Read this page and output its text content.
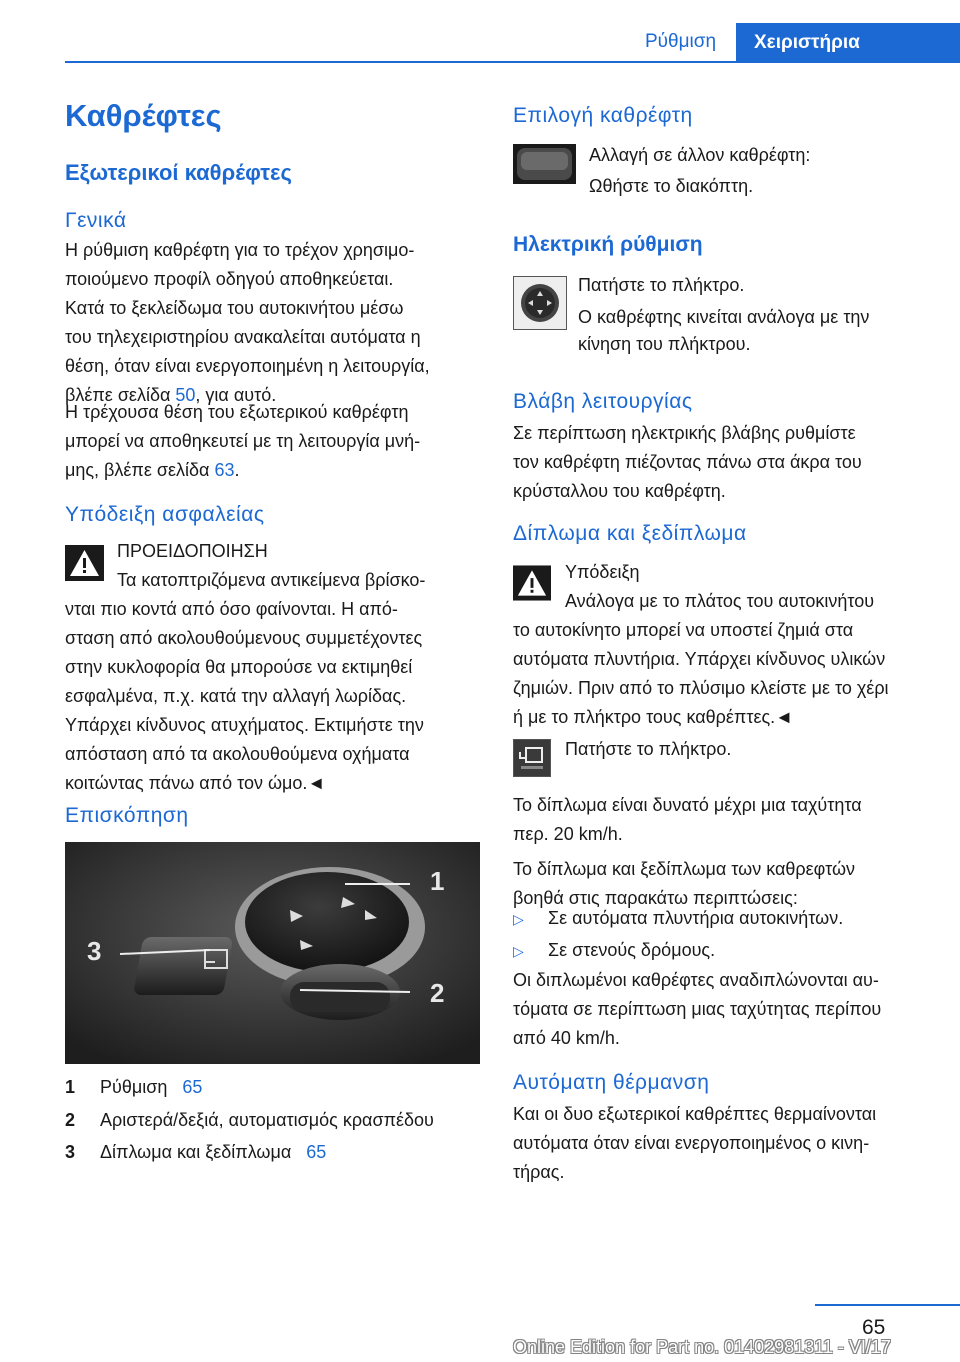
Ρύθμιση	Χειριστήρια
Καθρέφτες
Εξωτερικοί καθρέφτες
Γενικά
Η ρύθμιση καθρέφτη για το τρέχον χρησιμο-
ποιούμενο προφίλ οδηγού αποθηκεύεται.
Κατά το ξεκλείδωμα του αυτοκινήτου μέσω
του τηλεχειριστηρίου ανακαλείται αυτόματα η
θέση, όταν είναι ενεργοποιημένη η λειτουργία,
βλέπε σελίδα 50, για αυτό.
Η τρέχουσα θέση του εξωτερικού καθρέφτη
μπορεί να αποθηκευτεί με τη λειτουργία μνή-
μης, βλέπε σελίδα 63.
Υπόδειξη ασφαλείας
ΠΡΟΕΙΔΟΠΟΙΗΣΗ
Τα κατοπτριζόμενα αντικείμενα βρίσκο-
νται πιο κοντά από όσο φαίνονται. Η από-
σταση από ακολουθούμενους συμμετέχοντες
στην κυκλοφορία θα μπορούσε να εκτιμηθεί
εσφαλμένα, π.χ. κατά την αλλαγή λωρίδας.
Υπάρχει κίνδυνος ατυχήματος. Εκτιμήστε την
απόσταση από τα ακολουθούμενα οχήματα
κοιτώντας πάνω από τον ώμο.◄
Επισκόπηση
1
2
3
1 Ρύθμιση 65
2 Αριστερά/δεξιά, αυτοματισμός κρασπέδου
3 Δίπλωμα και ξεδίπλωμα 65
Επιλογή καθρέφτη
Αλλαγή σε άλλον καθρέφτη:
Ωθήστε το διακόπτη.
Ηλεκτρική ρύθμιση
Πατήστε το πλήκτρο.
Ο καθρέφτης κινείται ανάλογα με την
κίνηση του πλήκτρου.
Βλάβη λειτουργίας
Σε περίπτωση ηλεκτρικής βλάβης ρυθμίστε
τον καθρέφτη πιέζοντας πάνω στα άκρα του
κρύσταλλου του καθρέφτη.
Δίπλωμα και ξεδίπλωμα
Υπόδειξη
Ανάλογα με το πλάτος του αυτοκινήτου
το αυτοκίνητο μπορεί να υποστεί ζημιά στα
αυτόματα πλυντήρια. Υπάρχει κίνδυνος υλικών
ζημιών. Πριν από το πλύσιμο κλείστε με το χέρι
ή με το πλήκτρο τους καθρέπτες.◄
Πατήστε το πλήκτρο.
Το δίπλωμα είναι δυνατό μέχρι μια ταχύτητα
περ. 20 km/h.
Το δίπλωμα και ξεδίπλωμα των καθρεφτών
βοηθά στις παρακάτω περιπτώσεις:
▷ Σε αυτόματα πλυντήρια αυτοκινήτων.
▷ Σε στενούς δρόμους.
Οι διπλωμένοι καθρέφτες αναδιπλώνονται αυ-
τόματα σε περίπτωση μιας ταχύτητας περίπου
από 40 km/h.
Αυτόματη θέρμανση
Και οι δυο εξωτερικοί καθρέπτες θερμαίνονται
αυτόματα όταν είναι ενεργοποιημένος ο κινη-
τήρας.
65
Online Edition for Part no. 01402981311 - VI/17
